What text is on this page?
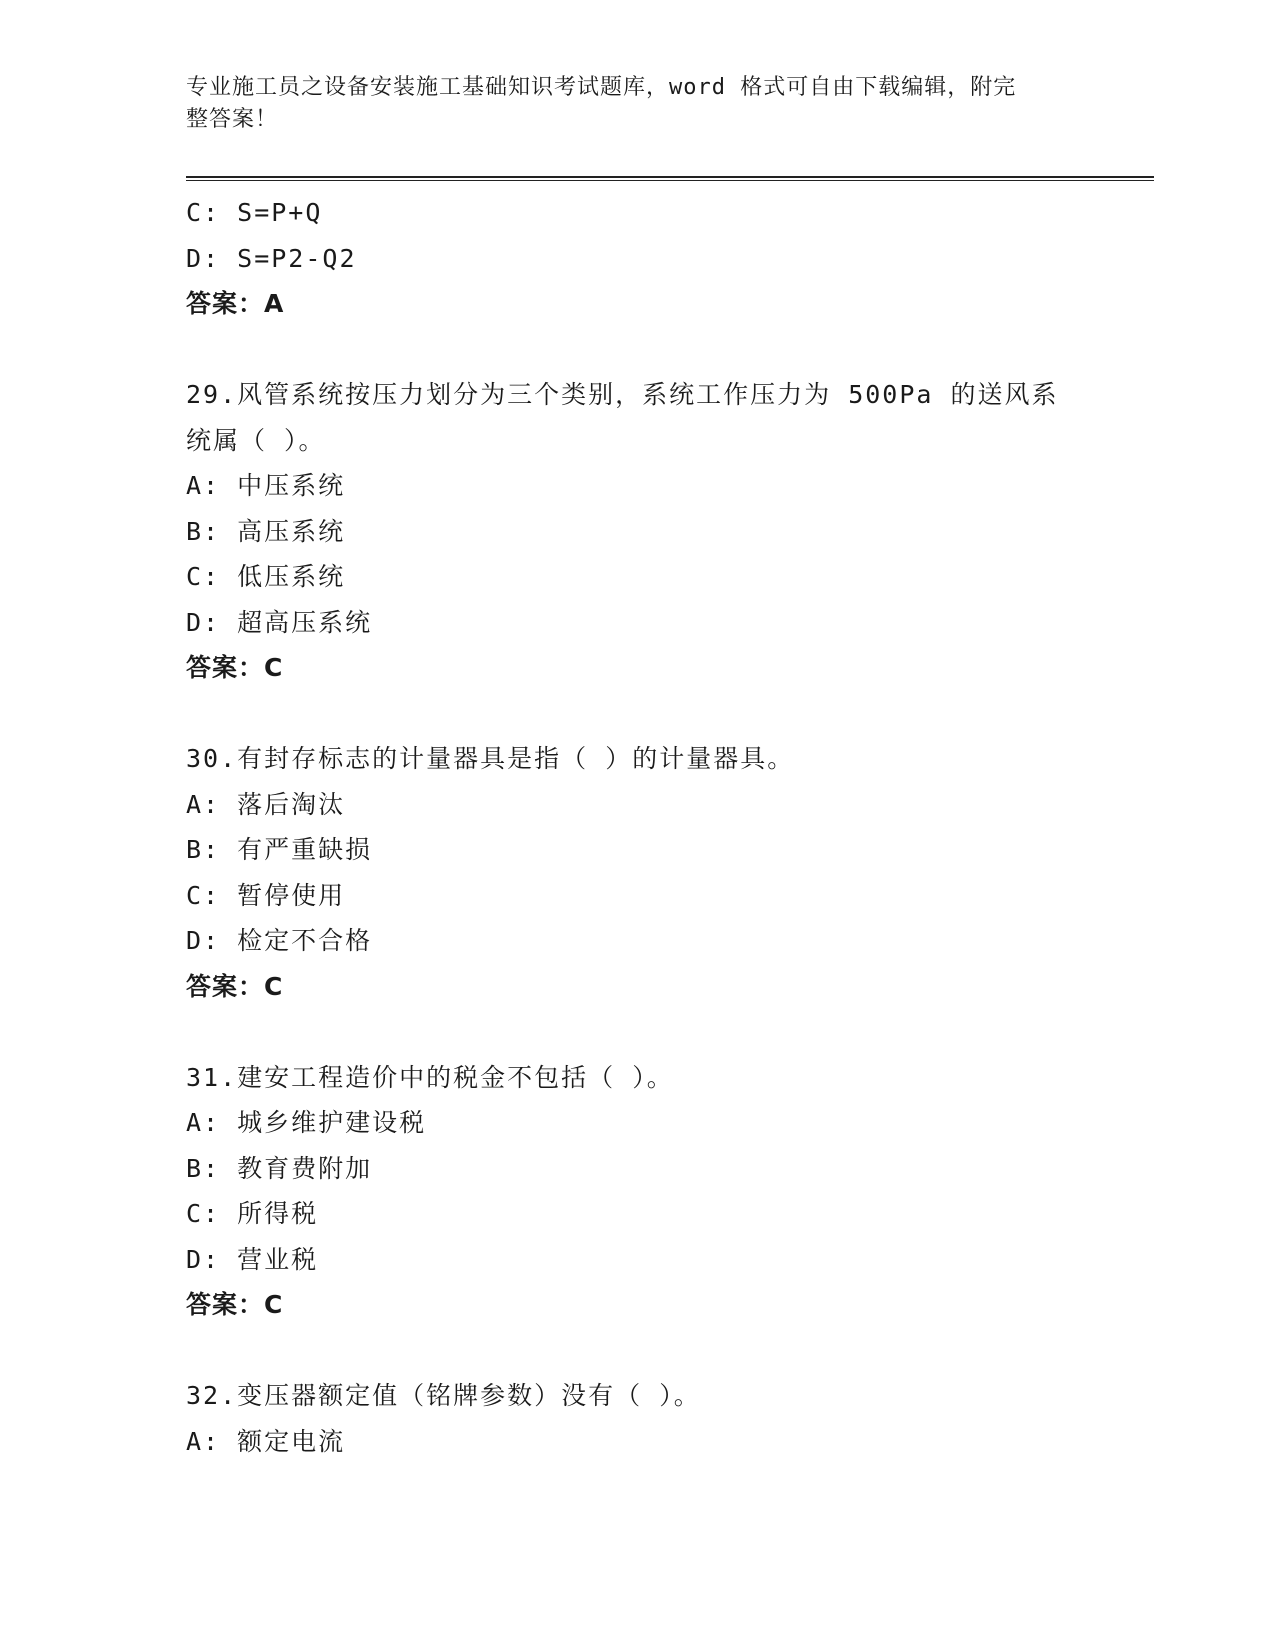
专业施工员之设备安装施工基础知识考试题库，word 格式可自由下载编辑，附完
整答案！
C: S=P+Q
D: S=P2-Q2
答案：A
29.风管系统按压力划分为三个类别，系统工作压力为 500Pa 的送风系
统属（ ）。
A: 中压系统
B: 高压系统
C: 低压系统
D: 超高压系统
答案：C
30.有封存标志的计量器具是指（ ）的计量器具。
A: 落后淘汰
B: 有严重缺损
C: 暂停使用
D: 检定不合格
答案：C
31.建安工程造价中的税金不包括（ ）。
A: 城乡维护建设税
B: 教育费附加
C: 所得税
D: 营业税
答案：C
32.变压器额定值（铭牌参数）没有（ ）。
A: 额定电流
